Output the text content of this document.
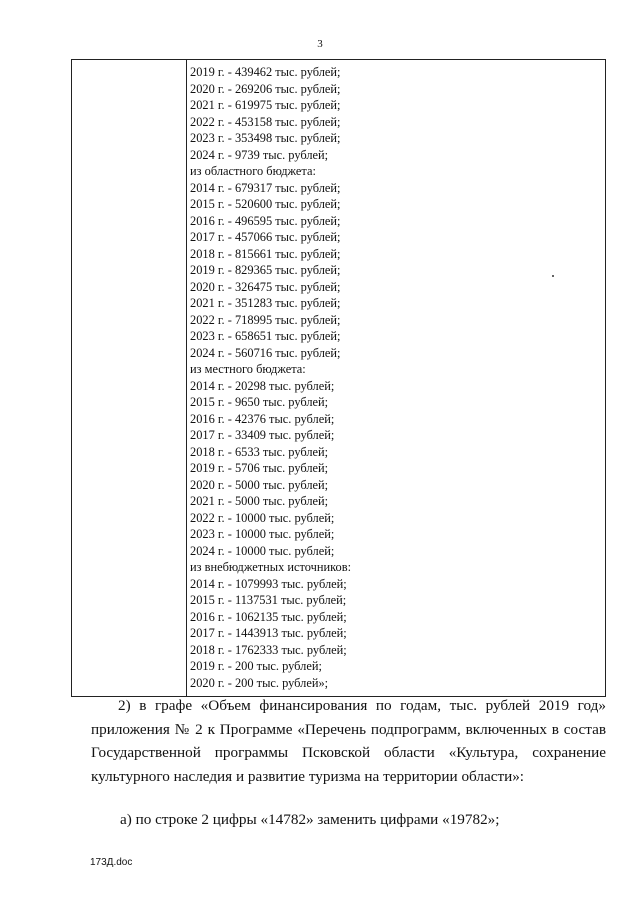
3
2019 г. - 439462 тыс. рублей;
2020 г. - 269206 тыс. рублей;
2021 г. - 619975 тыс. рублей;
2022 г. - 453158 тыс. рублей;
2023 г. - 353498 тыс. рублей;
2024 г. - 9739 тыс. рублей;
из областного бюджета:
2014 г. - 679317 тыс. рублей;
2015 г. - 520600 тыс. рублей;
2016 г. - 496595 тыс. рублей;
2017 г. - 457066 тыс. рублей;
2018 г. - 815661 тыс. рублей;
2019 г. - 829365 тыс. рублей;
2020 г. - 326475 тыс. рублей;
2021 г. - 351283 тыс. рублей;
2022 г. - 718995 тыс. рублей;
2023 г. - 658651 тыс. рублей;
2024 г. - 560716 тыс. рублей;
из местного бюджета:
2014 г. - 20298 тыс. рублей;
2015 г. - 9650 тыс. рублей;
2016 г. - 42376 тыс. рублей;
2017 г. - 33409 тыс. рублей;
2018 г. - 6533 тыс. рублей;
2019 г. - 5706 тыс. рублей;
2020 г. - 5000 тыс. рублей;
2021 г. - 5000 тыс. рублей;
2022 г. - 10000 тыс. рублей;
2023 г. - 10000 тыс. рублей;
2024 г. - 10000 тыс. рублей;
из внебюджетных источников:
2014 г. - 1079993 тыс. рублей;
2015 г. - 1137531 тыс. рублей;
2016 г. - 1062135 тыс. рублей;
2017 г. - 1443913 тыс. рублей;
2018 г. - 1762333 тыс. рублей;
2019 г. - 200 тыс. рублей;
2020 г. - 200 тыс. рублей»;
2) в графе «Объем финансирования по годам, тыс. рублей 2019 год» приложения № 2 к Программе «Перечень подпрограмм, включенных в состав Государственной программы Псковской области «Культура, сохранение культурного наследия и развитие туризма на территории области»:
а) по строке 2 цифры «14782» заменить цифрами «19782»;
173Д.doc
